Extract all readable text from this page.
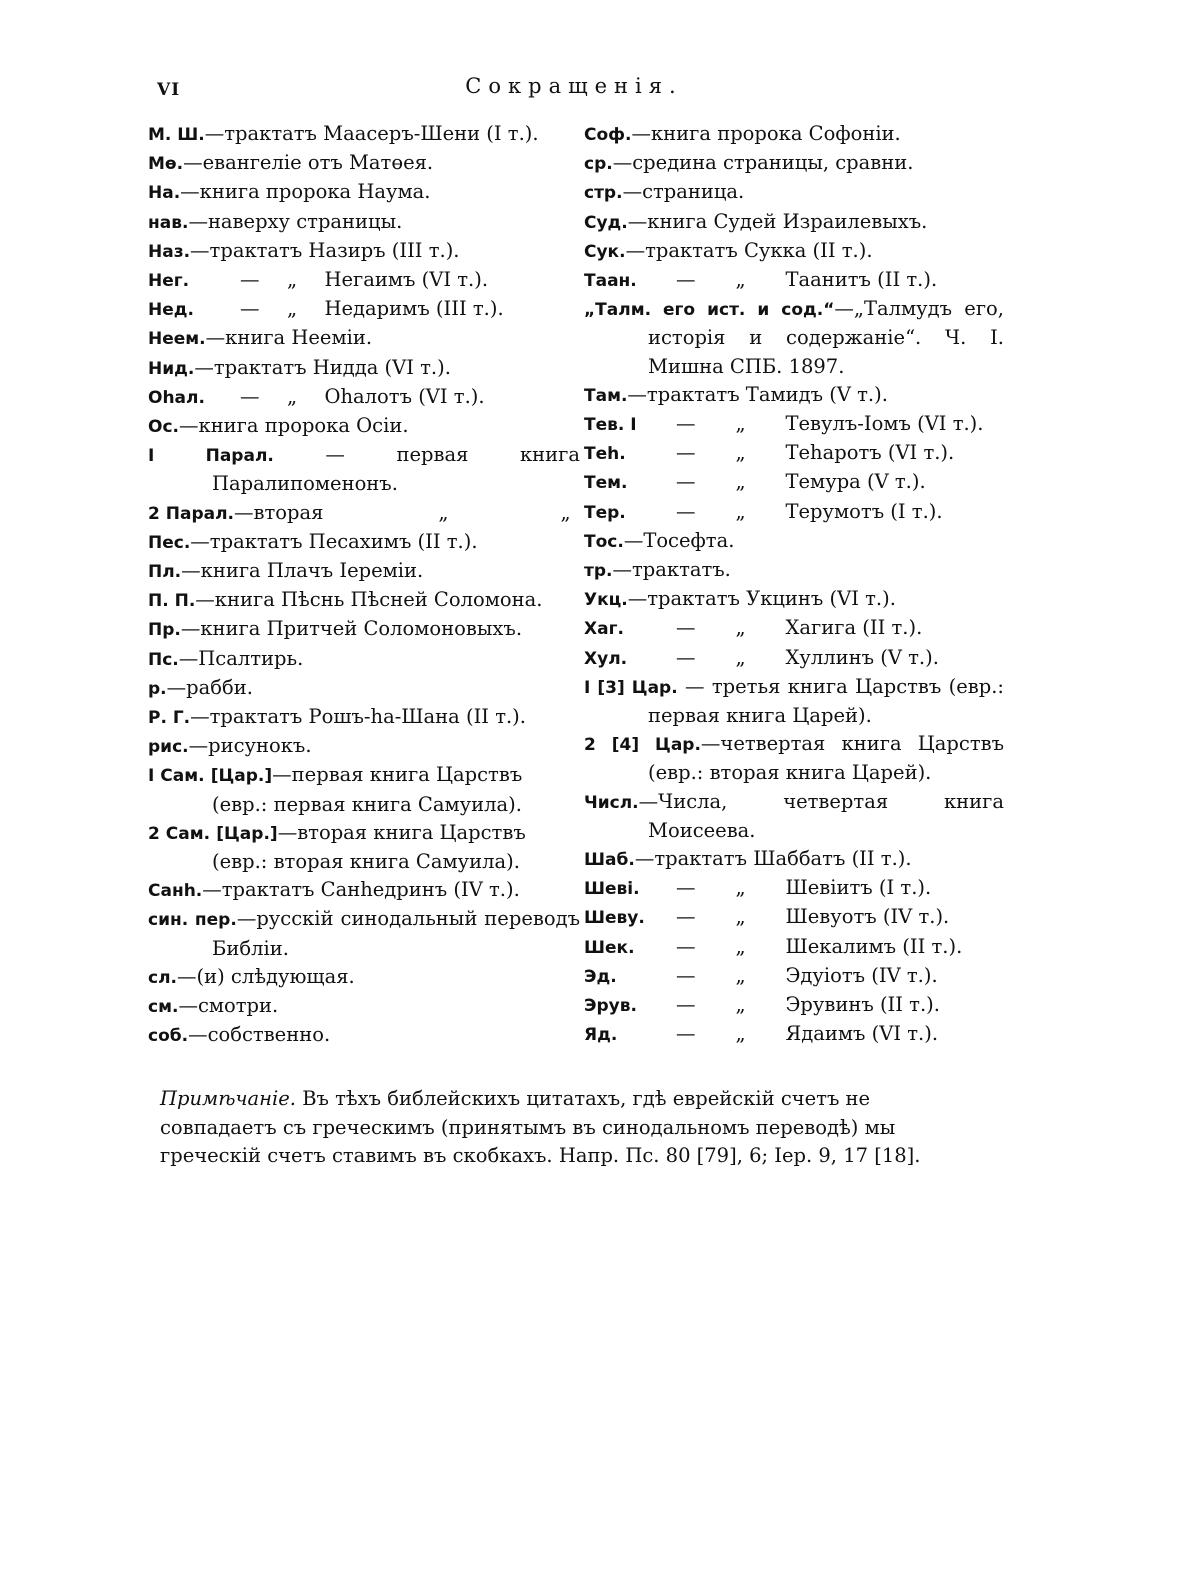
VI	Сокращенія.
М. Ш.—трактатъ Маасеръ-Шени (I т.).
Мө.—евангеліе отъ Матөея.
На.—книга пророка Наума.
нав.—наверху страницы.
Наз.—трактатъ Назиръ (III т.).
Нег.	— „ Негаимъ (VI т.).
Нед. — „ Недаримъ (III т.).
Неем.—книга Нееміи.
Нид.—трактатъ Нидда (VI т.).
Оһал. — „ Оһалотъ (VI т.).
Ос.—книга пророка Осіи.
I Парал. — первая книга Паралипоменонъ.
2 Парал.—вторая	„	„
Пес.—трактатъ Песахимъ (II т.).
Пл.—книга Плачъ Іереміи.
П. П.—книга Пѣснь Пѣсней Соломона.
Пр.—книга Притчей Соломоновыхъ.
Пс.—Псалтирь.
р.—рабби.
Р. Г.—трактатъ Рошъ-һа-Шана (II т.).
рис.—рисунокъ.
I Сам. [Цар.]—первая книга Царствъ (евр.: первая книга Самуила).
2 Сам. [Цар.]—вторая книга Царствъ (евр.: вторая книга Самуила).
Санһ.—трактатъ Санһедринъ (IV т.).
син. пер.—русскій синодальный переводъ Библіи.
сл.—(и) слѣдующая.
см.—смотри.
соб.—собственно.
Соф.—книга пророка Софоніи.
ср.—средина страницы, сравни.
стр.—страница.
Суд.—книга Судей Израилевыхъ.
Сук.—трактатъ Сукка (II т.).
Таан. — „ Таанитъ (II т.).
„Талм. его ист. и сод.“—„Талмудъ его, исторія и содержаніе“. Ч. I. Мишна СПБ. 1897.
Там.—трактатъ Тамидъ (V т.).
Тев. I — „ Тевулъ-Іомъ (VI т.).
Теһ.	— „ Теһаротъ (VI т.).
Тем. — „ Темура (V т.).
Тер.	— „ Терумотъ (I т.).
Тос.—Тосефта.
тр.—трактатъ.
Укц.—трактатъ Укцинъ (VI т.).
Хаг.	— „ Хагига (II т.).
Хул.	— „ Хуллинъ (V т.).
I [3] Цар. — третья книга Царствъ (евр.: первая книга Царей).
2 [4] Цар.—четвертая книга Царствъ (евр.: вторая книга Царей).
Числ.—Числа, четвертая книга Моисеева.
Шаб.—трактатъ Шаббатъ (II т.).
Шеві. — „ Шевіитъ (I т.).
Шеву. — „ Шевуотъ (IV т.).
Шек. — „ Шекалимъ (II т.).
Эд.	— „ Эдуіотъ (IV т.).
Эрув. — „ Эрувинъ (II т.).
Яд.	— „ Ядаимъ (VI т.).
Примѣчаніе. Въ тѣхъ библейскихъ цитатахъ, гдѣ еврейскій счетъ не
совпадаетъ съ греческимъ (принятымъ въ синодальномъ переводѣ) мы
греческій счетъ ставимъ въ скобкахъ. Напр. Пс. 80 [79], 6; Іер. 9, 17 [18].
